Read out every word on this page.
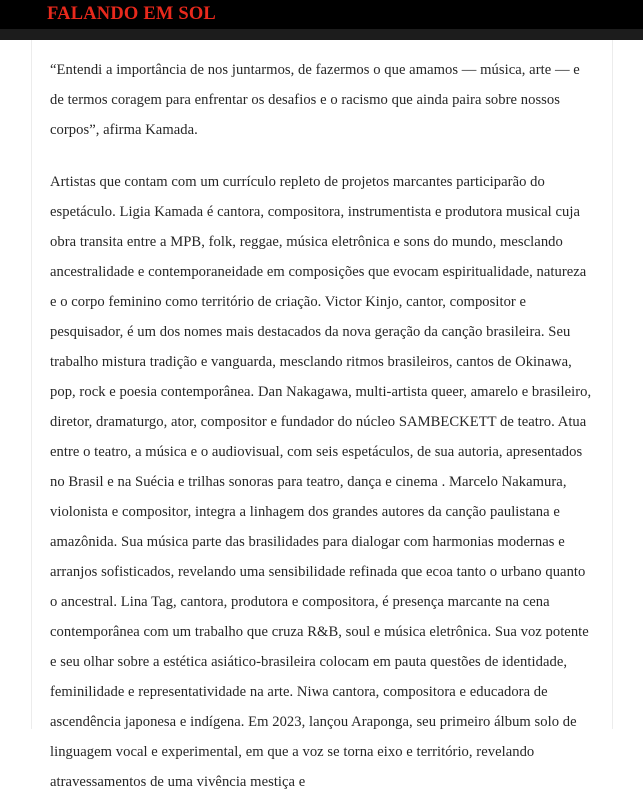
FALANDO EM SOL

“Entendi a importância de nos juntarmos, de fazermos o que amamos — música, arte — e de termos coragem para enfrentar os desafios e o racismo que ainda paira sobre nossos corpos”, afirma Kamada.

Artistas que contam com um currículo repleto de projetos marcantes participarão do espetáculo. Ligia Kamada é cantora, compositora, instrumentista e produtora musical cuja obra transita entre a MPB, folk, reggae, música eletrônica e sons do mundo, mesclando ancestralidade e contemporaneidade em composições que evocam espiritualidade, natureza e o corpo feminino como território de criação. Victor Kinjo, cantor, compositor e pesquisador, é um dos nomes mais destacados da nova geração da canção brasileira. Seu trabalho mistura tradição e vanguarda, mesclando ritmos brasileiros, cantos de Okinawa, pop, rock e poesia contemporânea. Dan Nakagawa, multi-artista queer, amarelo e brasileiro, diretor, dramaturgo, ator, compositor e fundador do núcleo SAMBECKETT de teatro. Atua entre o teatro, a música e o audiovisual, com seis espetáculos, de sua autoria, apresentados no Brasil e na Suécia e trilhas sonoras para teatro, dança e cinema . Marcelo Nakamura, violonista e compositor, integra a linhagem dos grandes autores da canção paulistana e amazônida. Sua música parte das brasilidades para dialogar com harmonias modernas e arranjos sofisticados, revelando uma sensibilidade refinada que ecoa tanto o urbano quanto o ancestral. Lina Tag, cantora, produtora e compositora, é presença marcante na cena contemporânea com um trabalho que cruza R&B, soul e música eletrônica. Sua voz potente e seu olhar sobre a estética asiático-brasileira colocam em pauta questões de identidade, feminilidade e representatividade na arte. Niwa cantora, compositora e educadora de ascendência japonesa e indígena. Em 2023, lançou Araponga, seu primeiro álbum solo de linguagem vocal e experimental, em que a voz se torna eixo e território, revelando atravessamentos de uma vivência mestiça e
